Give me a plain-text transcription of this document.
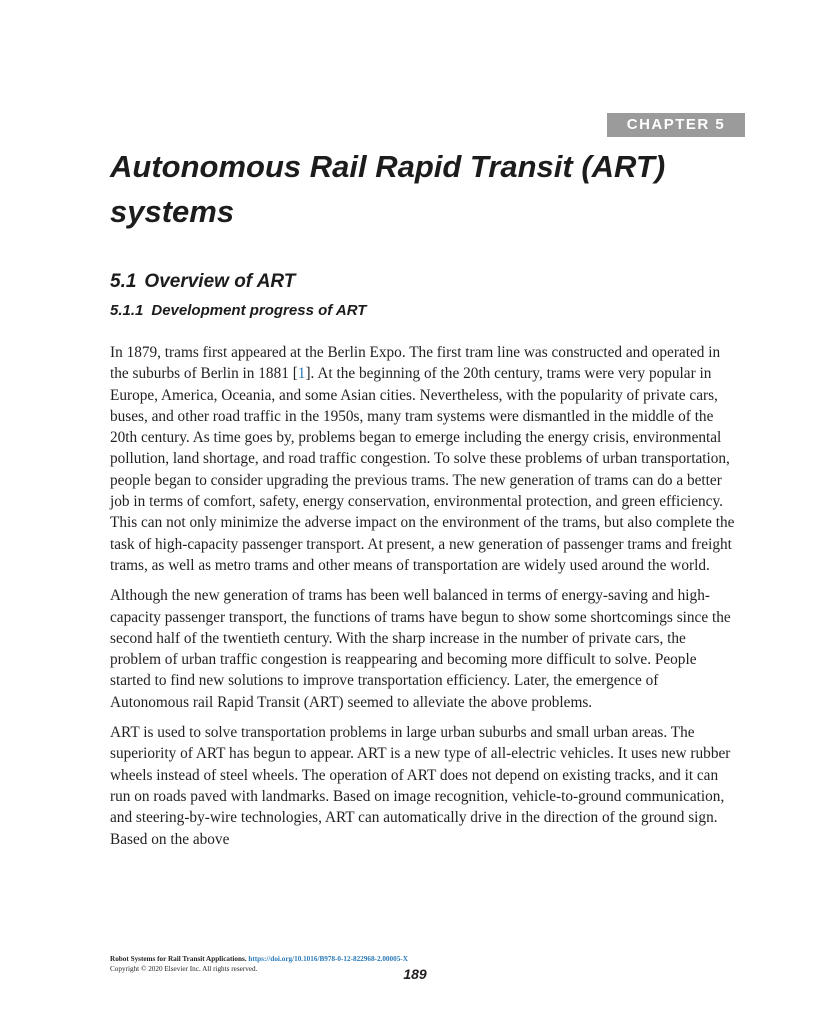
CHAPTER 5
Autonomous Rail Rapid Transit (ART) systems
5.1 Overview of ART
5.1.1 Development progress of ART

In 1879, trams first appeared at the Berlin Expo. The first tram line was constructed and operated in the suburbs of Berlin in 1881 [1]. At the beginning of the 20th century, trams were very popular in Europe, America, Oceania, and some Asian cities. Nevertheless, with the popularity of private cars, buses, and other road traffic in the 1950s, many tram systems were dismantled in the middle of the 20th century. As time goes by, problems began to emerge including the energy crisis, environmental pollution, land shortage, and road traffic congestion. To solve these problems of urban transportation, people began to consider upgrading the previous trams. The new generation of trams can do a better job in terms of comfort, safety, energy conservation, environmental protection, and green efficiency. This can not only minimize the adverse impact on the environment of the trams, but also complete the task of high-capacity passenger transport. At present, a new generation of passenger trams and freight trams, as well as metro trams and other means of transportation are widely used around the world.

Although the new generation of trams has been well balanced in terms of energy-saving and high-capacity passenger transport, the functions of trams have begun to show some shortcomings since the second half of the twentieth century. With the sharp increase in the number of private cars, the problem of urban traffic congestion is reappearing and becoming more difficult to solve. People started to find new solutions to improve transportation efficiency. Later, the emergence of Autonomous rail Rapid Transit (ART) seemed to alleviate the above problems.

ART is used to solve transportation problems in large urban suburbs and small urban areas. The superiority of ART has begun to appear. ART is a new type of all-electric vehicles. It uses new rubber wheels instead of steel wheels. The operation of ART does not depend on existing tracks, and it can run on roads paved with landmarks. Based on image recognition, vehicle-to-ground communication, and steering-by-wire technologies, ART can automatically drive in the direction of the ground sign. Based on the above

Robot Systems for Rail Transit Applications. https://doi.org/10.1016/B978-0-12-822968-2.00005-X
Copyright © 2020 Elsevier Inc. All rights reserved.	189
